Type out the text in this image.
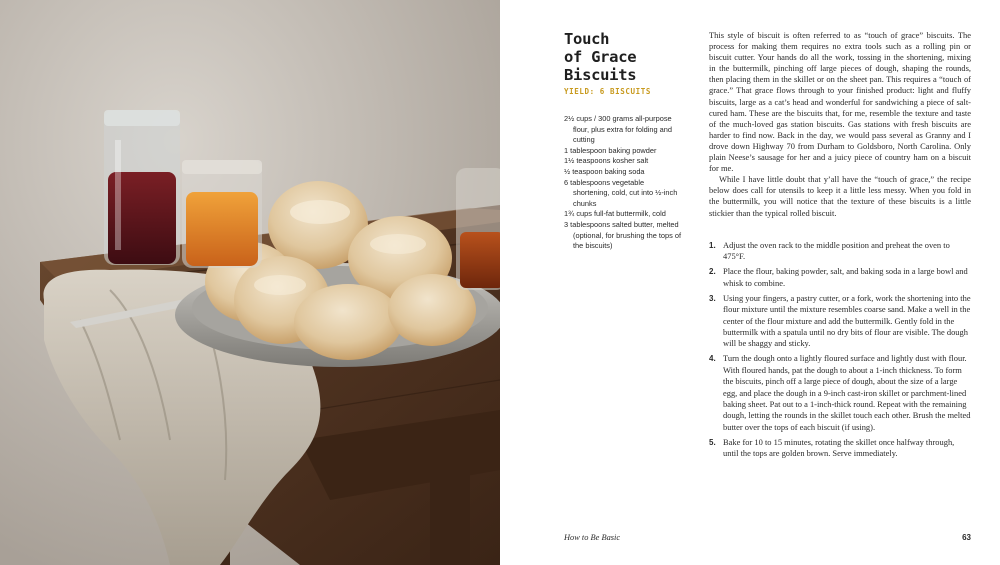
Touch
of Grace
Biscuits
YIELD: 6 BISCUITS
2½ cups / 300 grams all-purpose flour, plus extra for folding and cutting
1 tablespoon baking powder
1½ teaspoons kosher salt
½ teaspoon baking soda
6 tablespoons vegetable shortening, cold, cut into ½-inch chunks
1¾ cups full-fat buttermilk, cold
3 tablespoons salted butter, melted (optional, for brushing the tops of the biscuits)

This style of biscuit is often referred to as “touch of grace” biscuits. The process for making them requires no extra tools such as a rolling pin or biscuit cutter. Your hands do all the work, tossing in the shortening, mixing in the buttermilk, pinching off large pieces of dough, shaping the rounds, then placing them in the skillet or on the sheet pan. This requires a “touch of grace.” That grace flows through to your finished product: light and fluffy biscuits, large as a cat’s head and wonderful for sandwiching a piece of salt-cured ham. These are the biscuits that, for me, resemble the texture and taste of the much-loved gas station biscuits. Gas stations with fresh biscuits are harder to find now. Back in the day, we would pass several as Granny and I drove down Highway 70 from Durham to Goldsboro, North Carolina. Only plain Neese’s sausage for her and a juicy piece of country ham on a biscuit for me.

While I have little doubt that y’all have the “touch of grace,” the recipe below does call for utensils to keep it a little less messy. When you fold in the buttermilk, you will notice that the texture of these biscuits is a little stickier than the typical rolled biscuit.

1. Adjust the oven rack to the middle position and preheat the oven to 475°F.
2. Place the flour, baking powder, salt, and baking soda in a large bowl and whisk to combine.
3. Using your fingers, a pastry cutter, or a fork, work the shortening into the flour mixture until the mixture resembles coarse sand. Make a well in the center of the flour mixture and add the buttermilk. Gently fold in the buttermilk with a spatula until no dry bits of flour are visible. The dough will be shaggy and sticky.
4. Turn the dough onto a lightly floured surface and lightly dust with flour. With floured hands, pat the dough to about a 1-inch thickness. To form the biscuits, pinch off a large piece of dough, about the size of a large egg, and place the dough in a 9-inch cast-iron skillet or parchment-lined baking sheet. Pat out to a 1-inch-thick round. Repeat with the remaining dough, letting the rounds in the skillet touch each other. Brush the melted butter over the tops of each biscuit (if using).
5. Bake for 10 to 15 minutes, rotating the skillet once halfway through, until the tops are golden brown. Serve immediately.
How to Be Basic	63
